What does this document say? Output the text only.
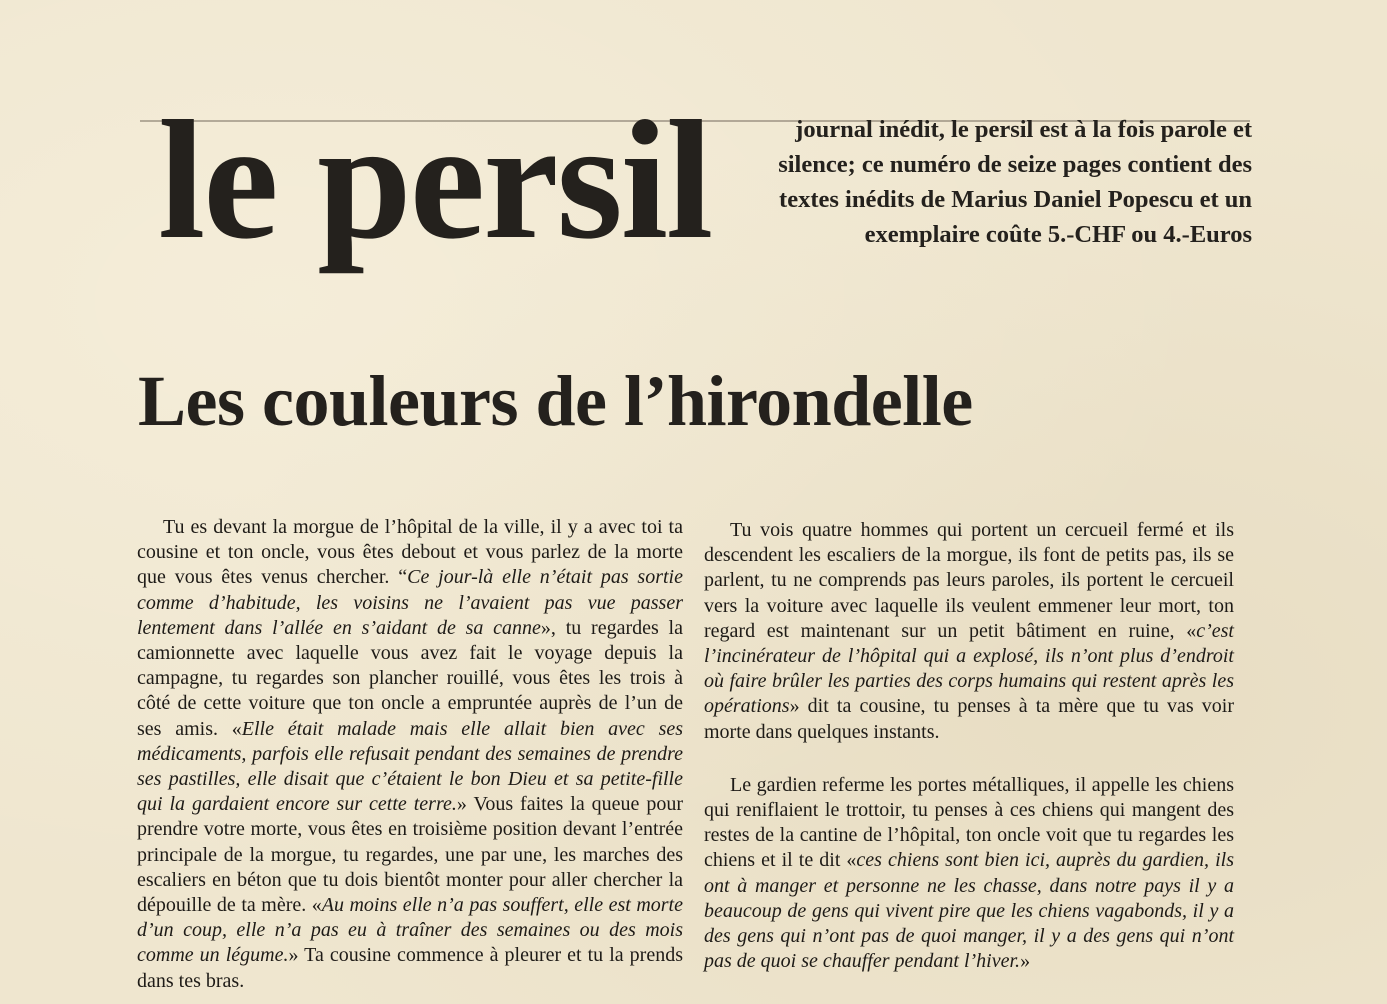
le persil	journal inédit, le persil est à la fois parole et silence; ce numéro de seize pages contient des textes inédits de Marius Daniel Popescu et un exemplaire coûte 5.-CHF ou 4.-Euros

Les couleurs de l’hirondelle

Tu es devant la morgue de l’hôpital de la ville, il y a avec toi ta cousine et ton oncle, vous êtes debout et vous parlez de la morte que vous êtes venus chercher. “Ce jour-là elle n’était pas sortie comme d’habitude, les voisins ne l’avaient pas vue passer lentement dans l’allée en s’aidant de sa canne», tu regardes la camionnette avec laquelle vous avez fait le voyage depuis la campagne, tu regardes son plancher rouillé, vous êtes les trois à côté de cette voiture que ton oncle a empruntée auprès de l’un de ses amis. «Elle était malade mais elle allait bien avec ses médicaments, parfois elle refusait pendant des semaines de prendre ses pastilles, elle disait que c’étaient le bon Dieu et sa petite-fille qui la gardaient encore sur cette terre.» Vous faites la queue pour prendre votre morte, vous êtes en troisième position devant l’entrée principale de la morgue, tu regardes, une par une, les marches des escaliers en béton que tu dois bientôt monter pour aller chercher la dépouille de ta mère. «Au moins elle n’a pas souffert, elle est morte d’un coup, elle n’a pas eu à traîner des semaines ou des mois comme un légume.» Ta cousine commence à pleurer et tu la prends dans tes bras.

Tu vois quatre hommes qui portent un cercueil fermé et ils descendent les escaliers de la morgue, ils font de petits pas, ils se parlent, tu ne comprends pas leurs paroles, ils portent le cercueil vers la voiture avec laquelle ils veulent emmener leur mort, ton regard est maintenant sur un petit bâtiment en ruine, «c’est l’incinérateur de l’hôpital qui a explosé, ils n’ont plus d’endroit où faire brûler les parties des corps humains qui restent après les opérations» dit ta cousine, tu penses à ta mère que tu vas voir morte dans quelques instants.

Le gardien referme les portes métalliques, il appelle les chiens qui reniflaient le trottoir, tu penses à ces chiens qui mangent des restes de la cantine de l’hôpital, ton oncle voit que tu regardes les chiens et il te dit «ces chiens sont bien ici, auprès du gardien, ils ont à manger et personne ne les chasse, dans notre pays il y a beaucoup de gens qui vivent pire que les chiens vagabonds, il y a des gens qui n’ont pas de quoi manger, il y a des gens qui n’ont pas de quoi se chauffer pendant l’hiver.»
